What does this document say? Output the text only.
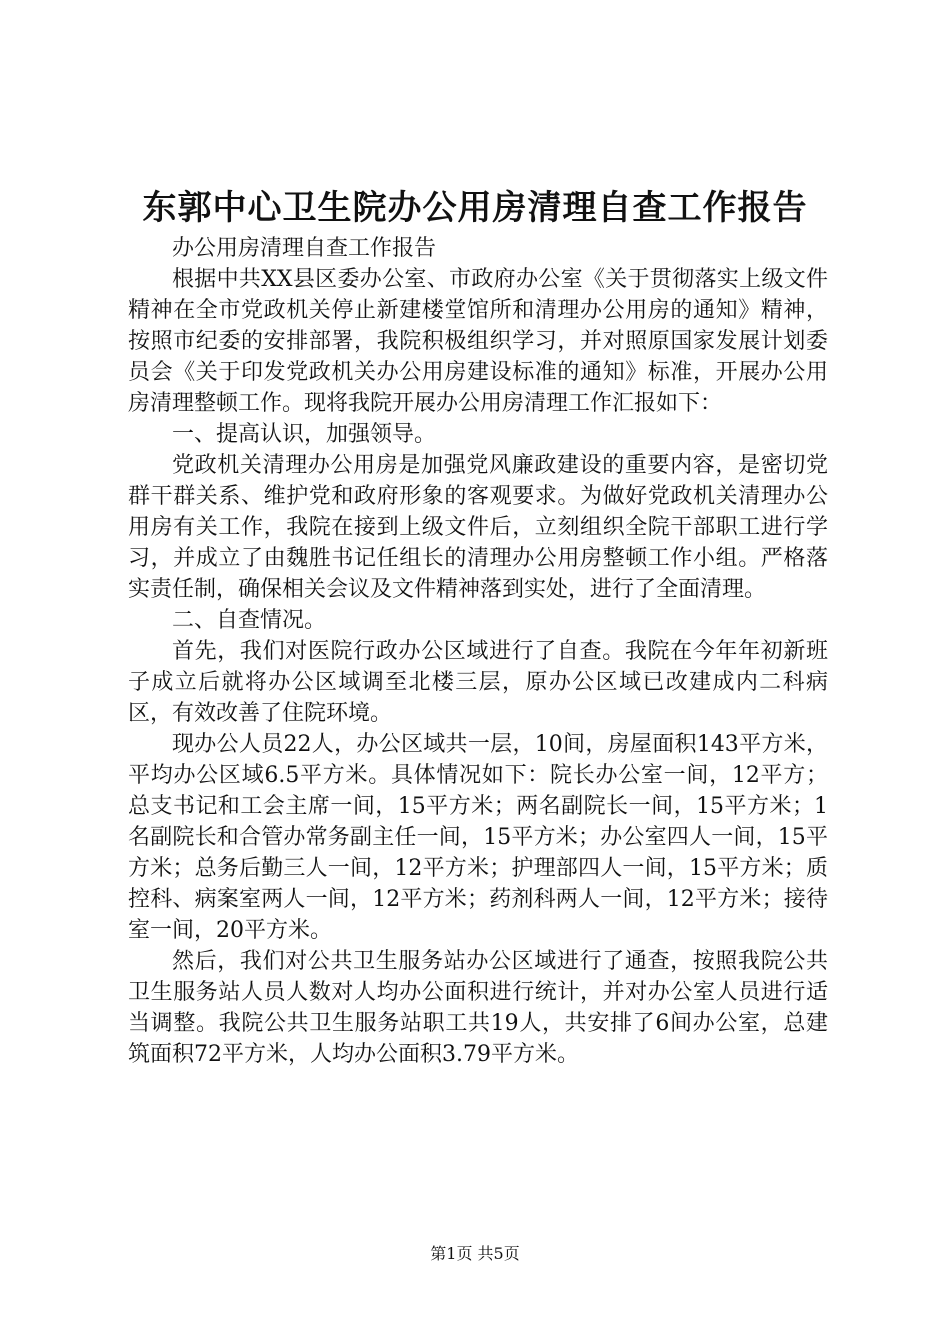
东郭中心卫生院办公用房清理自查工作报告

办公用房清理自查工作报告

根据中共XX县区委办公室、市政府办公室《关于贯彻落实上级文件精神在全市党政机关停止新建楼堂馆所和清理办公用房的通知》精神，按照市纪委的安排部署，我院积极组织学习，并对照原国家发展计划委员会《关于印发党政机关办公用房建设标准的通知》标准，开展办公用房清理整顿工作。现将我院开展办公用房清理工作汇报如下：

一、提高认识，加强领导。

党政机关清理办公用房是加强党风廉政建设的重要内容，是密切党群干群关系、维护党和政府形象的客观要求。为做好党政机关清理办公用房有关工作，我院在接到上级文件后，立刻组织全院干部职工进行学习，并成立了由魏胜书记任组长的清理办公用房整顿工作小组。严格落实责任制，确保相关会议及文件精神落到实处，进行了全面清理。

二、自查情况。

首先，我们对医院行政办公区域进行了自查。我院在今年年初新班子成立后就将办公区域调至北楼三层，原办公区域已改建成内二科病区，有效改善了住院环境。

现办公人员22人，办公区域共一层，10间，房屋面积143平方米，平均办公区域6.5平方米。具体情况如下：院长办公室一间，12平方；总支书记和工会主席一间，15平方米；两名副院长一间，15平方米；1名副院长和合管办常务副主任一间，15平方米；办公室四人一间，15平方米；总务后勤三人一间，12平方米；护理部四人一间，15平方米；质控科、病案室两人一间，12平方米；药剂科两人一间，12平方米；接待室一间，20平方米。

然后，我们对公共卫生服务站办公区域进行了通查，按照我院公共卫生服务站人员人数对人均办公面积进行统计，并对办公室人员进行适当调整。我院公共卫生服务站职工共19人，共安排了6间办公室，总建筑面积72平方米，人均办公面积3.79平方米。

第1页 共5页
